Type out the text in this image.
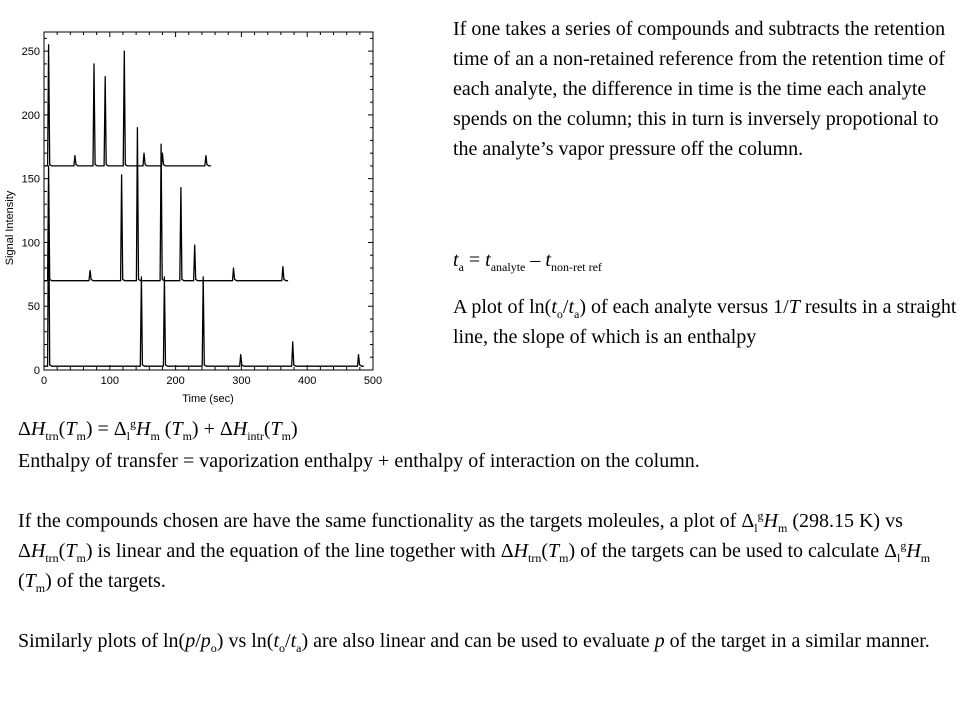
0	100	200	300	400	500
0
50
100
150
200
250
Time (sec)
Signal Intensity
If one takes a series of compounds and subtracts the retention time of an a non-retained reference from the retention time of each analyte, the difference in time is the time each analyte spends on the column; this in turn is inversely propotional to the analyte’s vapor pressure off the column.
$t_a = t_{analyte} - t_{non-ret ref}$
A plot of $\ln(t_o/t_a)$ of each analyte versus 1/T results in a straight line, the slope of which is an enthalpy
$\Delta H_{trn}(T_m) = \Delta_l^gH_m$ $(T_m) + \Delta H_{intr}(T_m)$

Enthalpy of transfer = vaporization enthalpy + enthalpy of interaction on the column.

If the compounds chosen are have the same functionality as the targets moleules, a plot of $\Delta_l^gH_m$ (298.15 K) vs $\Delta H_{trn}(T_m)$ is linear and the equation of the line together with $\Delta H_{trn}(T_m)$ of the targets can be used to calculate $\Delta_l^gH_m$ $(T_m)$ of the targets.

Similarly plots of $\ln(p/p_o)$ vs $\ln(t_o/t_a)$ are also linear and can be used to evaluate p of the target in a similar manner.
